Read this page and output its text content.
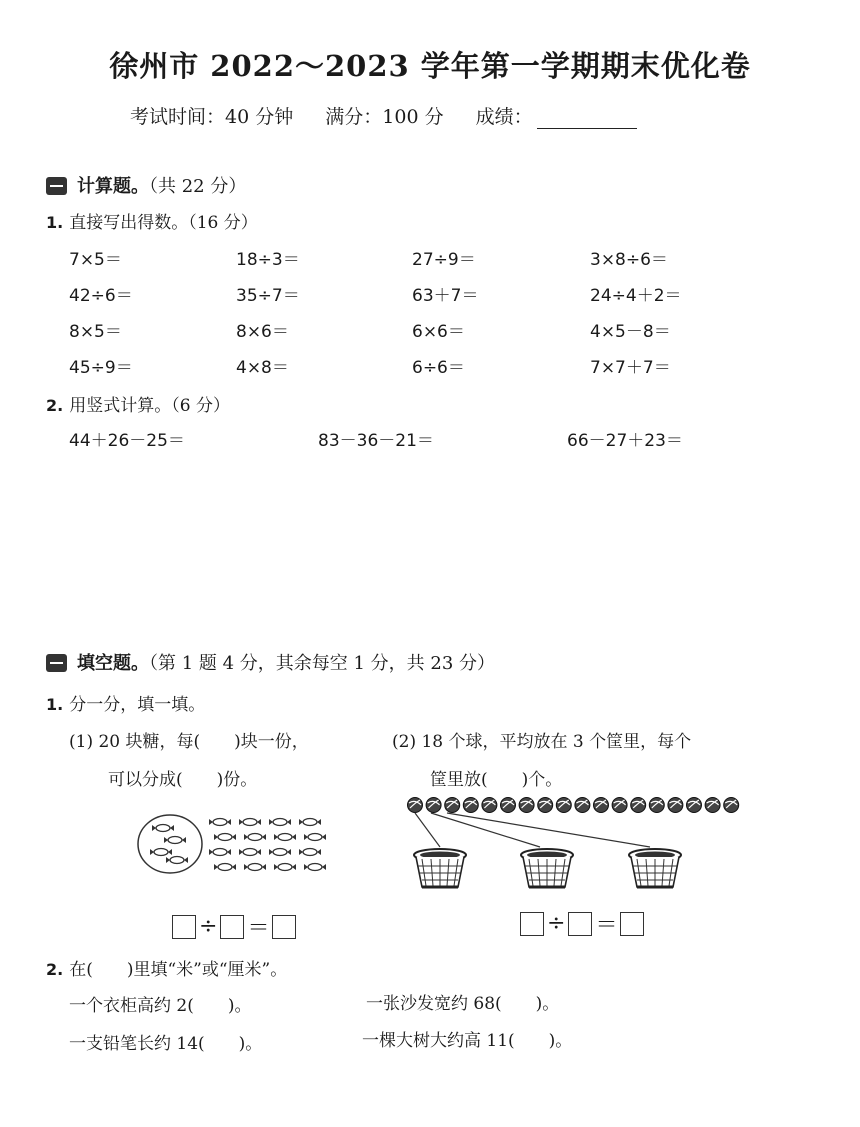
徐州市 2022～2023 学年第一学期期末优化卷
考试时间：40 分钟 满分：100 分 成绩：
计算题。（共 22 分）
1. 直接写出得数。（16 分）
7×5＝	18÷3＝	27÷9＝	3×8÷6＝
42÷6＝	35÷7＝	63＋7＝	24÷4＋2＝
8×5＝	8×6＝	6×6＝	4×5－8＝
45÷9＝	4×8＝	6÷6＝	7×7＋7＝
2. 用竖式计算。（6 分）
44＋26－25＝	83－36－21＝	66－27＋23＝
填空题。（第 1 题 4 分，其余每空 1 分，共 23 分）
1. 分一分，填一填。
(1) 20 块糖，每(　　)块一份，
可以分成(　　)份。
(2) 18 个球，平均放在 3 个筐里，每个
筐里放(　　)个。
÷ ＝	÷ ＝
2. 在(　　)里填“米”或“厘米”。
一个衣柜高约 2(　　)。	一张沙发宽约 68(　　)。
一支铅笔长约 14(　　)。	一棵大树大约高 11(　　)。
